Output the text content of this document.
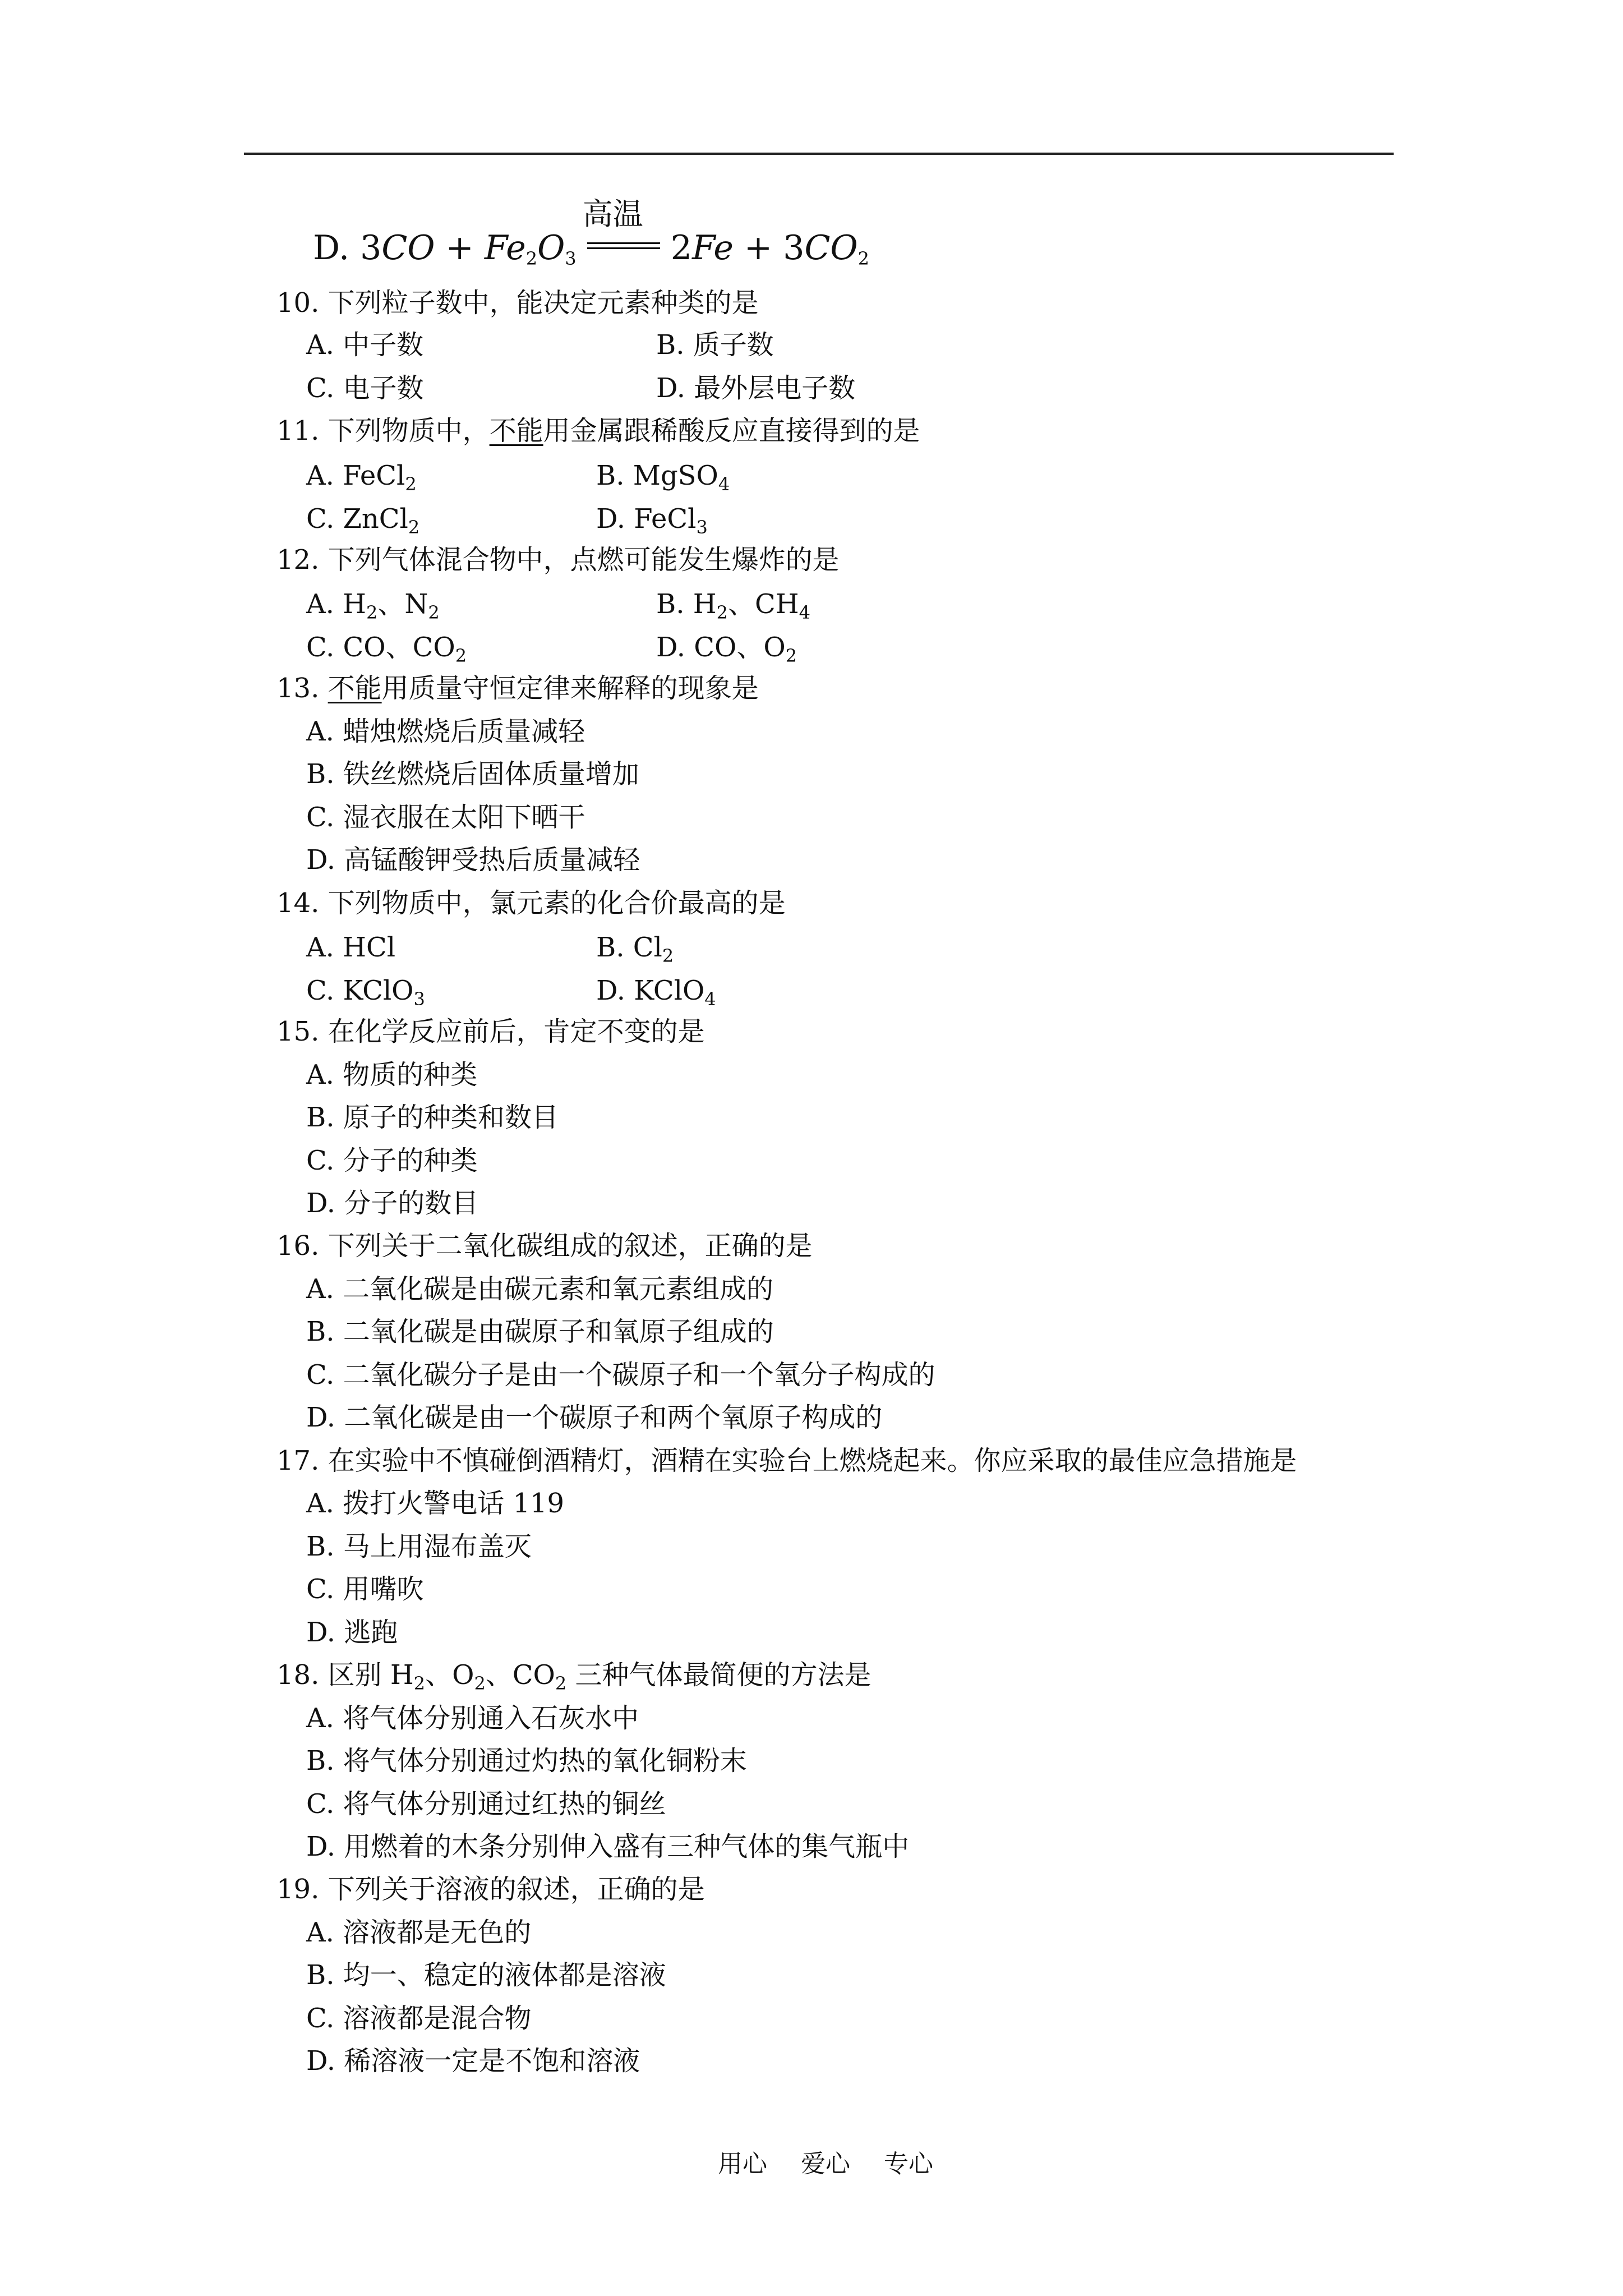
D. $3CO + Fe_2O_3$
高温
$2Fe + 3CO_2$
10. 下列粒子数中，能决定元素种类的是
A. 中子数	B. 质子数
C. 电子数	D. 最外层电子数
11. 下列物质中，不能用金属跟稀酸反应直接得到的是
A. FeCl$_2$	B. MgSO$_4$
C. ZnCl$_2$	D. FeCl$_3$
12. 下列气体混合物中，点燃可能发生爆炸的是
A. $H_2$、$N_2$	B. $H_2$、$CH_4$
C. CO、$CO_2$	D. CO、$O_2$
13. 不能用质量守恒定律来解释的现象是
A. 蜡烛燃烧后质量减轻
B. 铁丝燃烧后固体质量增加
C. 湿衣服在太阳下晒干
D. 高锰酸钾受热后质量减轻
14. 下列物质中，氯元素的化合价最高的是
A. HCl	B. $Cl_2$
C. KClO$_3$	D. KClO$_4$
15. 在化学反应前后，肯定不变的是
A. 物质的种类
B. 原子的种类和数目
C. 分子的种类
D. 分子的数目
16. 下列关于二氧化碳组成的叙述，正确的是
A. 二氧化碳是由碳元素和氧元素组成的
B. 二氧化碳是由碳原子和氧原子组成的
C. 二氧化碳分子是由一个碳原子和一个氧分子构成的
D. 二氧化碳是由一个碳原子和两个氧原子构成的
17. 在实验中不慎碰倒酒精灯，酒精在实验台上燃烧起来。你应采取的最佳应急措施是
A. 拨打火警电话 119
B. 马上用湿布盖灭
C. 用嘴吹
D. 逃跑
18. 区别 $H_2$、$O_2$、$CO_2$ 三种气体最简便的方法是
A. 将气体分别通入石灰水中
B. 将气体分别通过灼热的氧化铜粉末
C. 将气体分别通过红热的铜丝
D. 用燃着的木条分别伸入盛有三种气体的集气瓶中
19. 下列关于溶液的叙述，正确的是
A. 溶液都是无色的
B. 均一、稳定的液体都是溶液
C. 溶液都是混合物
D. 稀溶液一定是不饱和溶液
用心 爱心 专心
